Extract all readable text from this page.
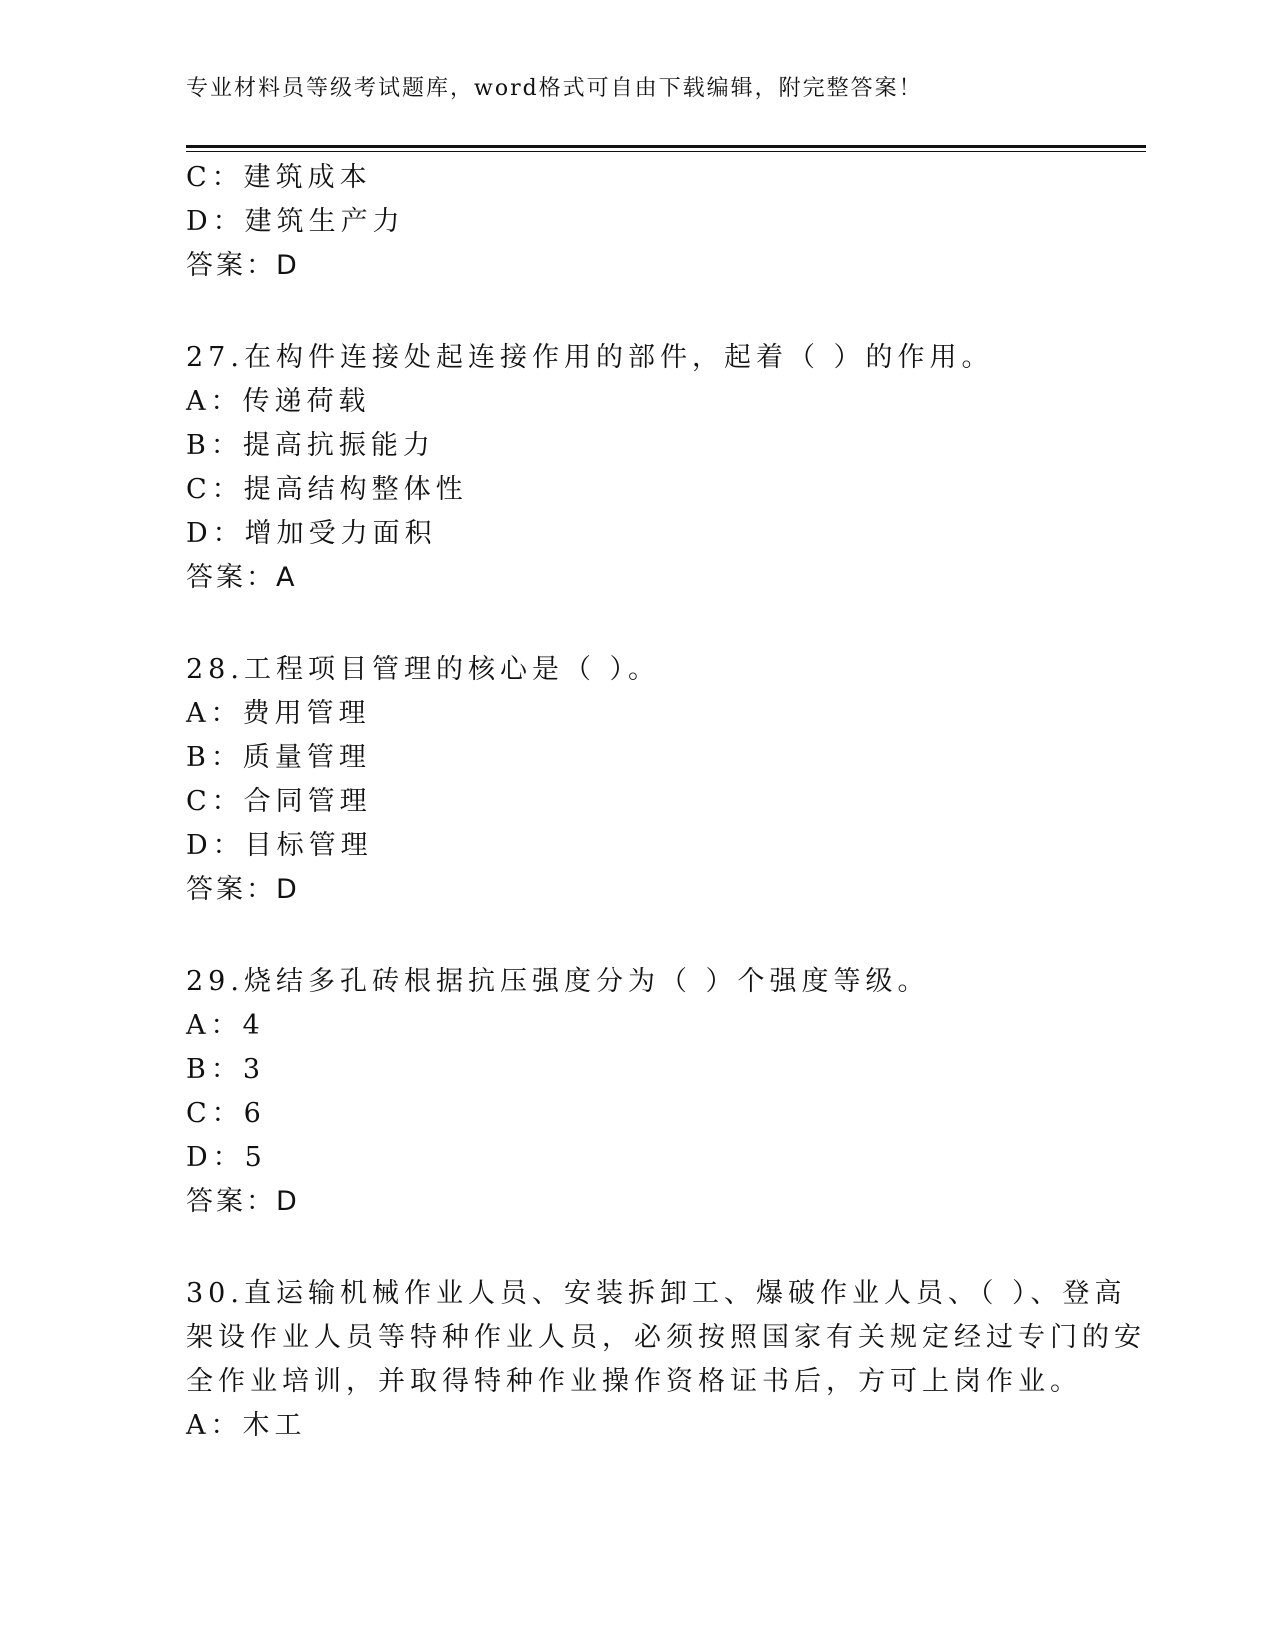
专业材料员等级考试题库，word格式可自由下载编辑，附完整答案！
C：建筑成本
D：建筑生产力
答案：D
27.在构件连接处起连接作用的部件，起着（ ）的作用。
A：传递荷载
B：提高抗振能力
C：提高结构整体性
D：增加受力面积
答案：A
28.工程项目管理的核心是（ ）。
A：费用管理
B：质量管理
C：合同管理
D：目标管理
答案：D
29.烧结多孔砖根据抗压强度分为（ ）个强度等级。
A：4
B：3
C：6
D：5
答案：D
30.直运输机械作业人员、安装拆卸工、爆破作业人员、（ ）、登高
架设作业人员等特种作业人员，必须按照国家有关规定经过专门的安
全作业培训，并取得特种作业操作资格证书后，方可上岗作业。
A：木工
